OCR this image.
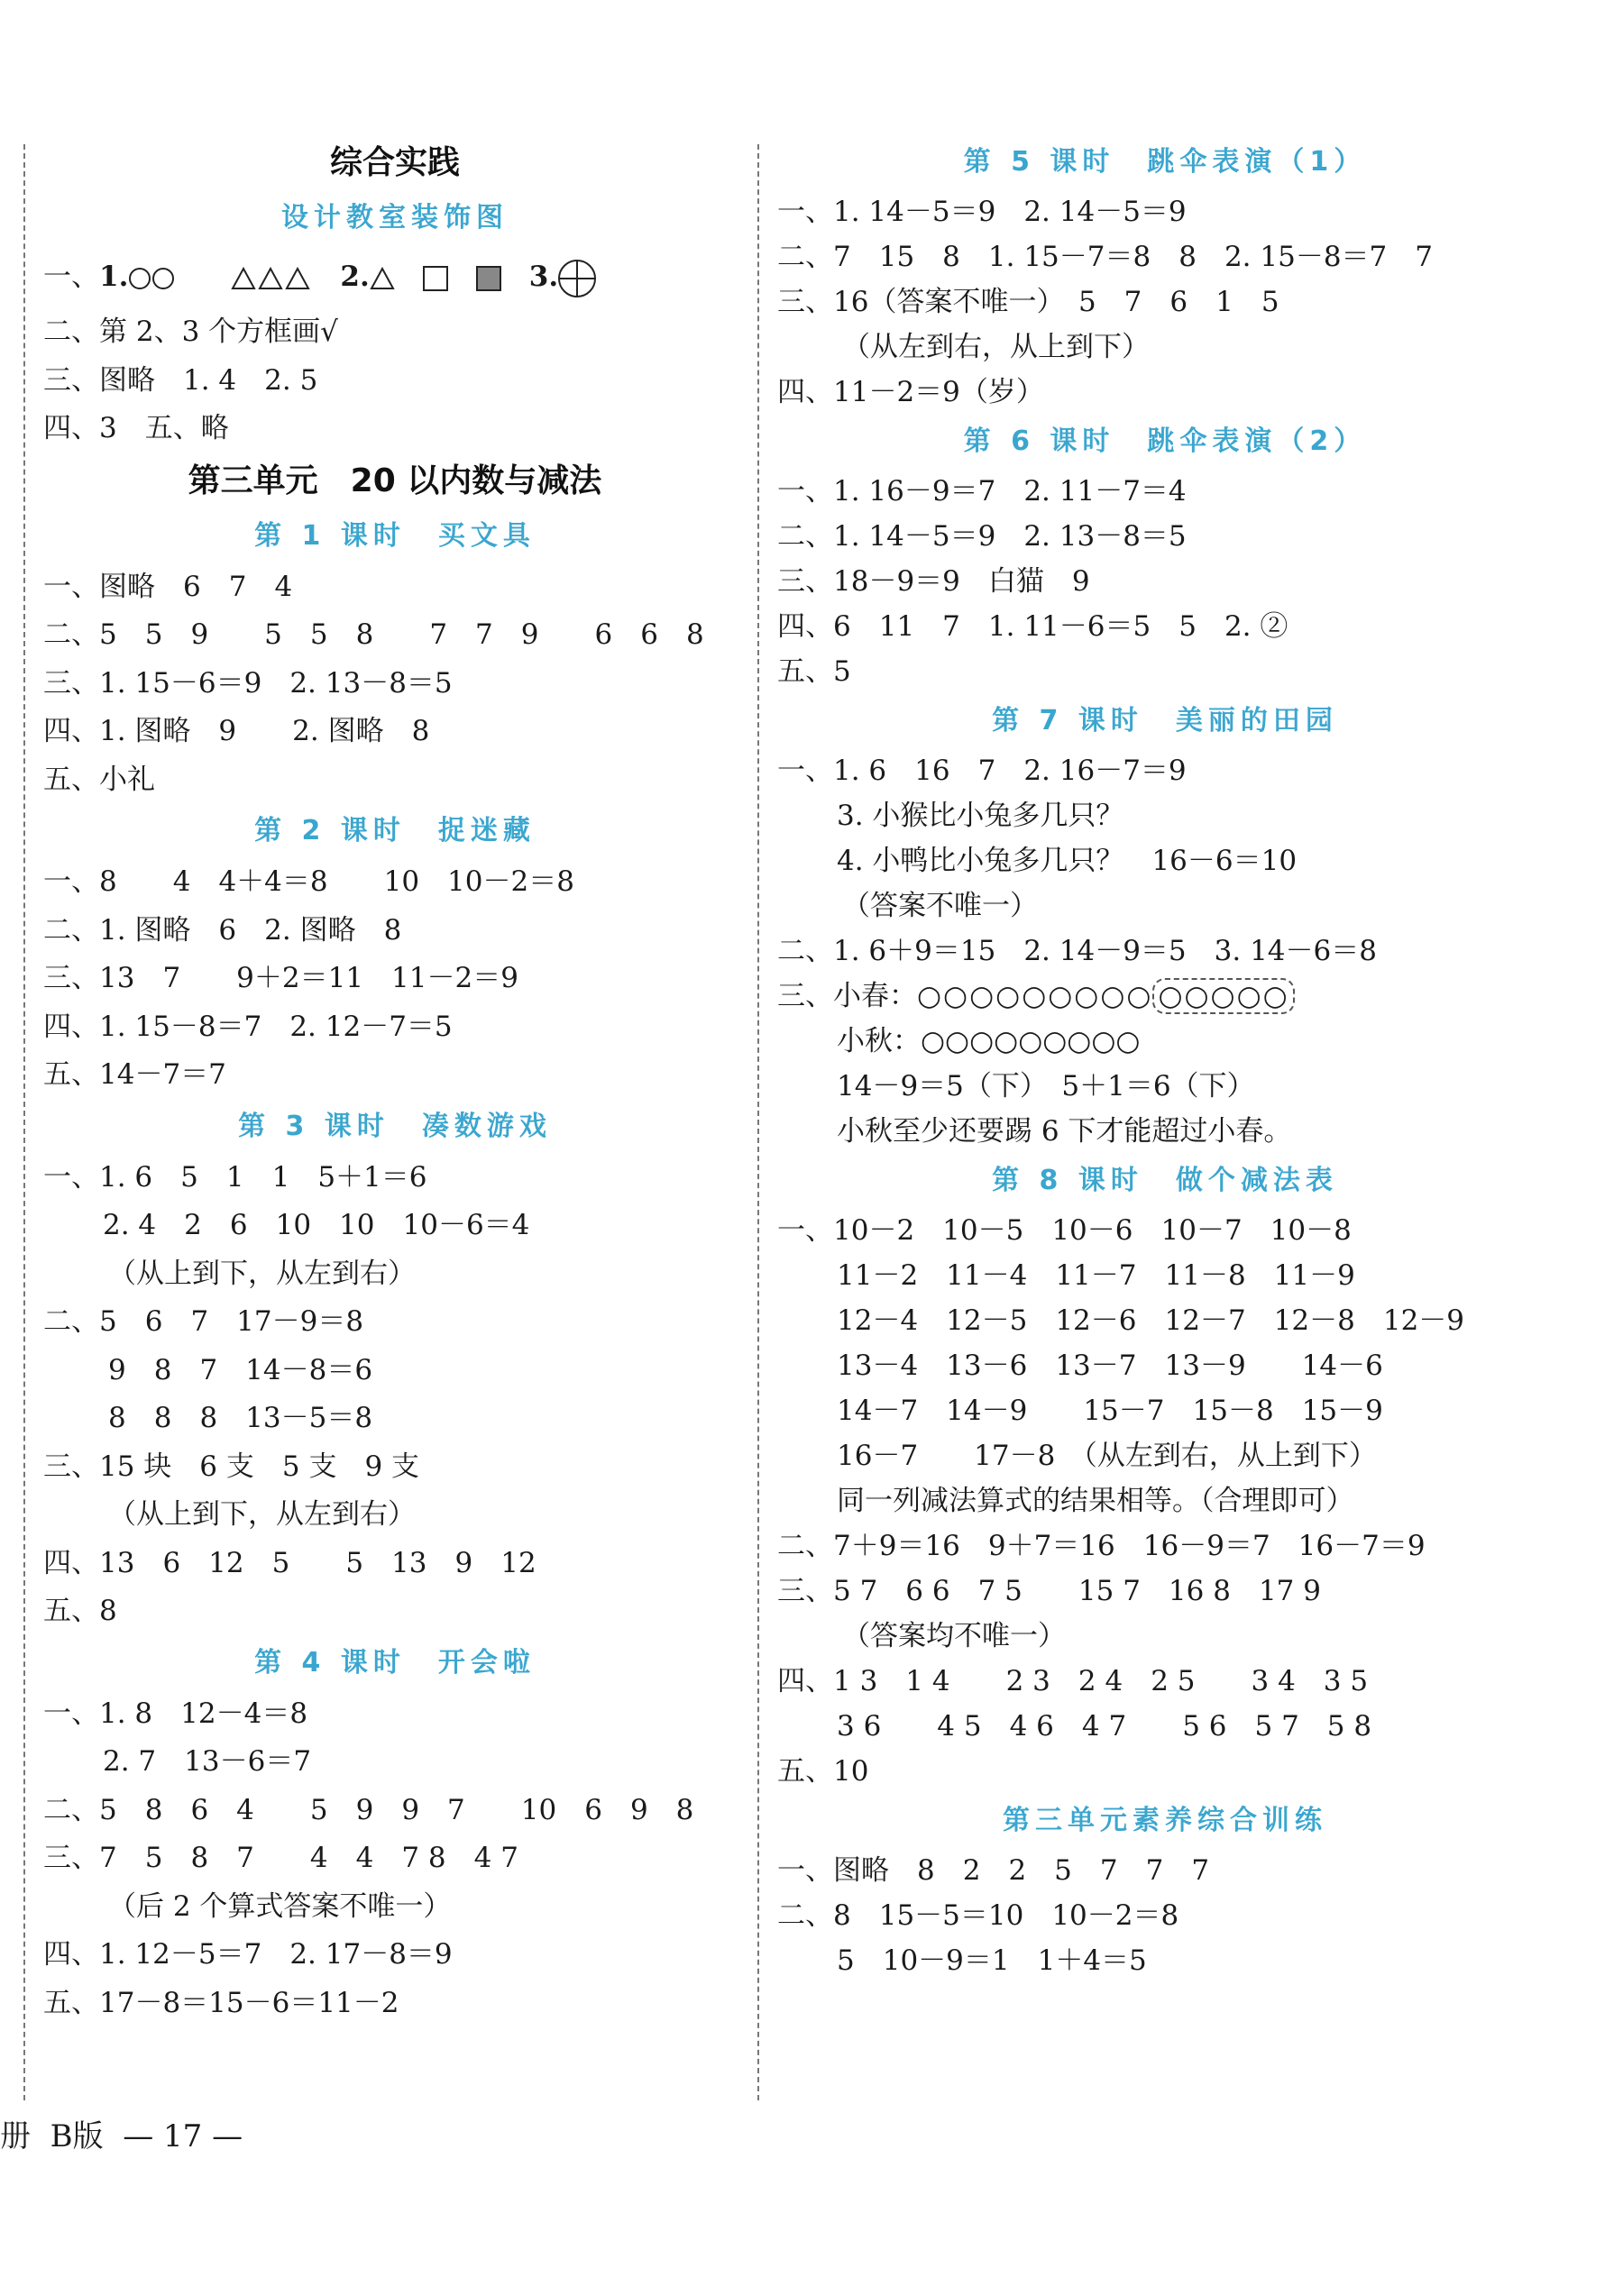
综合实践
设计教室装饰图
一、1.　　　	2.　　　	3.
二、第 2、3 个方框画√
三、图略　1. 4　2. 5
四、3　五、略
第三单元　20 以内数与减法
第 1 课时　买文具
一、图略　6　7　4
二、5　5　9　　5　5　8　　7　7　9　　6　6　8
三、1. 15－6＝9　2. 13－8＝5
四、1. 图略　9　　2. 图略　8
五、小礼
第 2 课时　捉迷藏
一、8　　4　4＋4＝8　　10　10－2＝8
二、1. 图略　6　2. 图略　8
三、13　7　　9＋2＝11　11－2＝9
四、1. 15－8＝7　2. 12－7＝5
五、14－7＝7
第 3 课时　凑数游戏
一、1. 6　5　1　1　5＋1＝6
2. 4　2　6　10　10　10－6＝4
（从上到下，从左到右）
二、5　6　7　17－9＝8
9　8　7　14－8＝6
8　8　8　13－5＝8
三、15 块　6 支　5 支　9 支
（从上到下，从左到右）
四、13　6　12　5　　5　13　9　12
五、8
第 4 课时　开会啦
一、1. 8　12－4＝8
2. 7　13－6＝7
二、5　8　6　4　　5　9　9　7　　10　6　9　8
三、7　5　8　7　　4　4　7 8　4 7
（后 2 个算式答案不唯一）
四、1. 12－5＝7　2. 17－8＝9
五、17－8＝15－6＝11－2
第 5 课时　跳伞表演（1）
一、1. 14－5＝9　2. 14－5＝9
二、7　15　8　1. 15－7＝8　8　2. 15－8＝7　7
三、16（答案不唯一）　5　7　6　1　5
（从左到右，从上到下）
四、11－2＝9（岁）
第 6 课时　跳伞表演（2）
一、1. 16－9＝7　2. 11－7＝4
二、1. 14－5＝9　2. 13－8＝5
三、18－9＝9　白猫　9
四、6　11　7　1. 11－6＝5　5　2. ②
五、5
第 7 课时　美丽的田园
一、1. 6　16　7　2. 16－7＝9
3. 小猴比小兔多几只？
4. 小鸭比小兔多几只？　16－6＝10
（答案不唯一）
二、1. 6＋9＝15　2. 14－9＝5　3. 14－6＝8
三、小春：○○○○○○○○○ ○○○○○
小秋：○○○○○○○○○
14－9＝5（下）　5＋1＝6（下）
小秋至少还要踢 6 下才能超过小春。
第 8 课时　做个减法表
一、10－2　10－5　10－6　10－7　10－8
11－2　11－4　11－7　11－8　11－9
12－4　12－5　12－6　12－7　12－8　12－9
13－4　13－6　13－7　13－9　　14－6
14－7　14－9　　15－7　15－8　15－9
16－7　　17－8　（从左到右，从上到下）
同一列减法算式的结果相等。（合理即可）
二、7＋9＝16　9＋7＝16　16－9＝7　16－7＝9
三、5 7　6 6　7 5　　15 7　16 8　17 9
（答案均不唯一）
四、1 3　1 4　　2 3　2 4　2 5　　3 4　3 5
3 6　　4 5　4 6　4 7　　5 6　5 7　5 8
五、10
第三单元素养综合训练
一、图略　8　2　2　5　7　7　7
二、8　15－5＝10　10－2＝8
5　10－9＝1　1＋4＝5
册  B版  — 17 —
